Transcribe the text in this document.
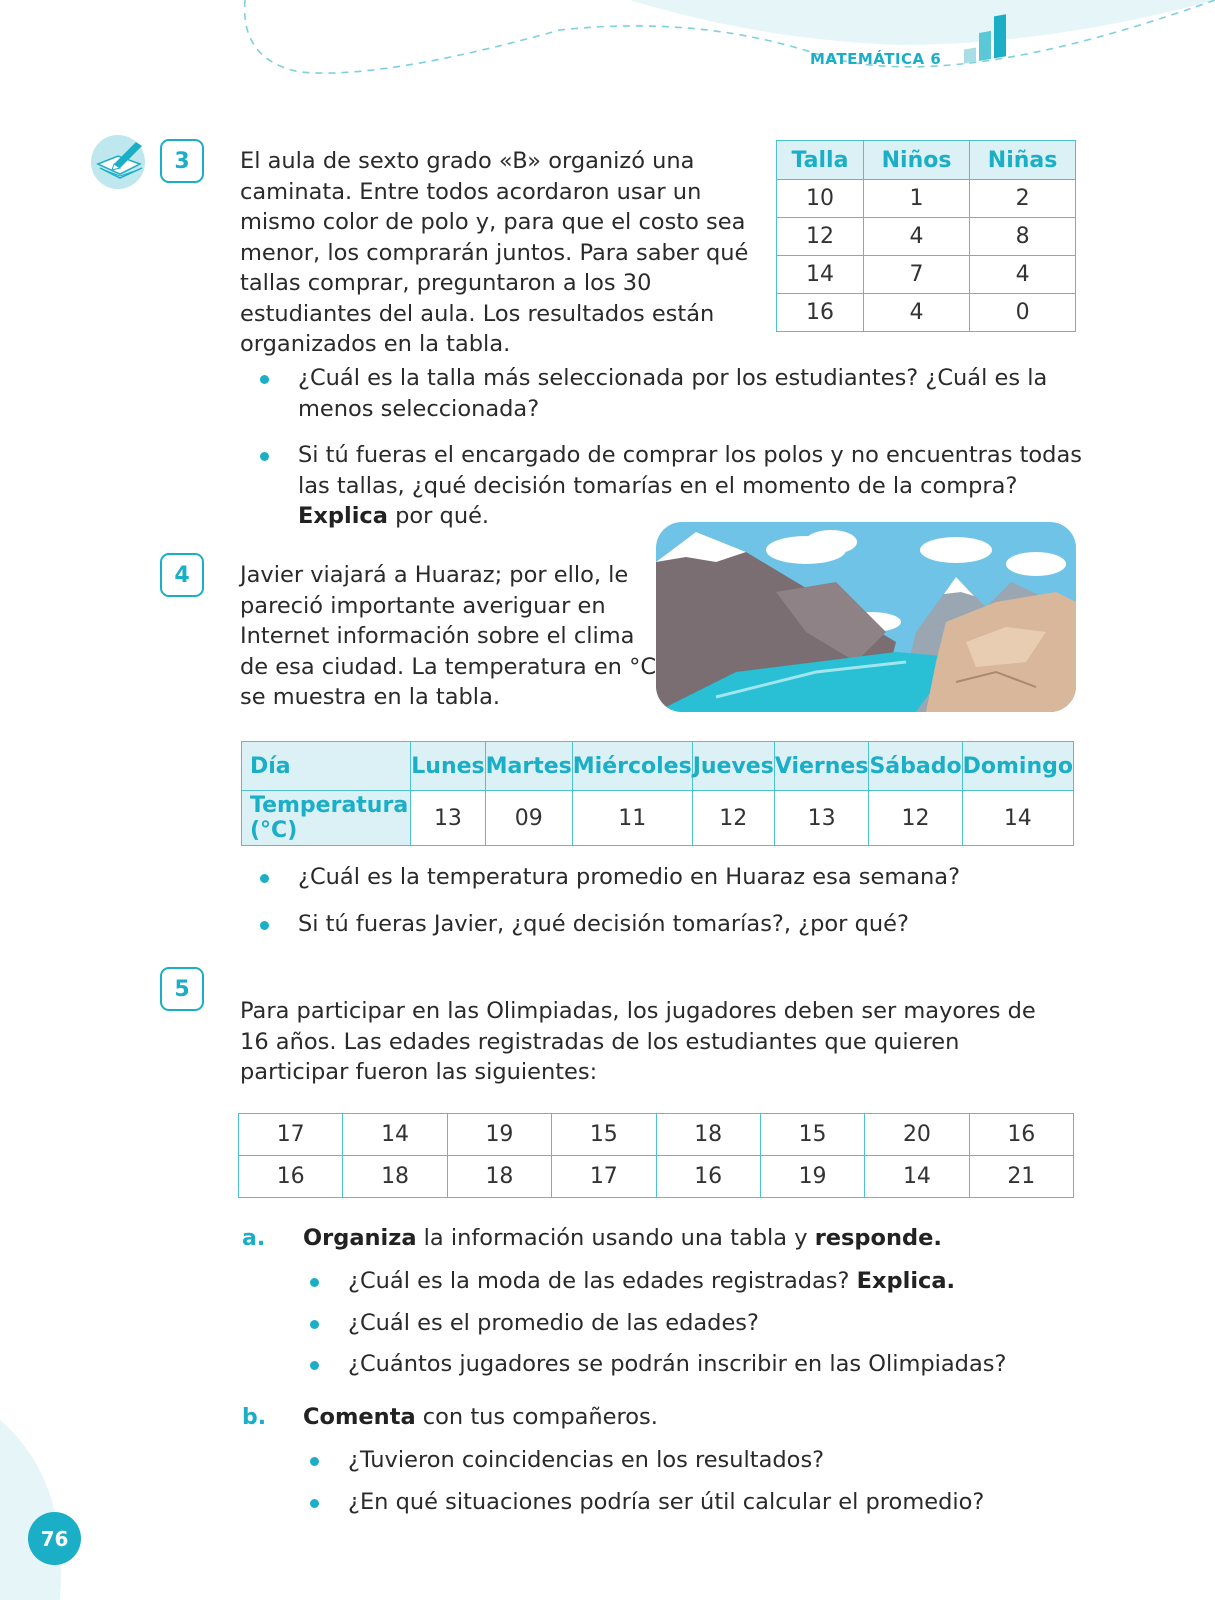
MATEMÁTICA 6
3	El aula de sexto grado «B» organizó una caminata. Entre todos acordaron usar un mismo color de polo y, para que el costo sea menor, los comprarán juntos. Para saber qué tallas comprar, preguntaron a los 30 estudiantes del aula. Los resultados están organizados en la tabla.
Talla	Niños	Niñas
10	1	2
12	4	8
14	7	4
16	4	0
¿Cuál es la talla más seleccionada por los estudiantes? ¿Cuál es la menos seleccionada?
Si tú fueras el encargado de comprar los polos y no encuentras todas las tallas, ¿qué decisión tomarías en el momento de la compra? Explica por qué.
4	Javier viajará a Huaraz; por ello, le pareció importante averiguar en Internet información sobre el clima de esa ciudad. La temperatura en °C se muestra en la tabla.
Día	Lunes	Martes	Miércoles	Jueves	Viernes	Sábado	Domingo
Temperatura (°C)	13	09	11	12	13	12	14
¿Cuál es la temperatura promedio en Huaraz esa semana?
Si tú fueras Javier, ¿qué decisión tomarías?, ¿por qué?
5
Para participar en las Olimpiadas, los jugadores deben ser mayores de 16 años. Las edades registradas de los estudiantes que quieren participar fueron las siguientes:
17	14	19	15	18	15	20	16
16	18	18	17	16	19	14	21
a. Organiza la información usando una tabla y responde.
¿Cuál es la moda de las edades registradas? Explica.
¿Cuál es el promedio de las edades?
¿Cuántos jugadores se podrán inscribir en las Olimpiadas?
b. Comenta con tus compañeros.
¿Tuvieron coincidencias en los resultados?
¿En qué situaciones podría ser útil calcular el promedio?
76
